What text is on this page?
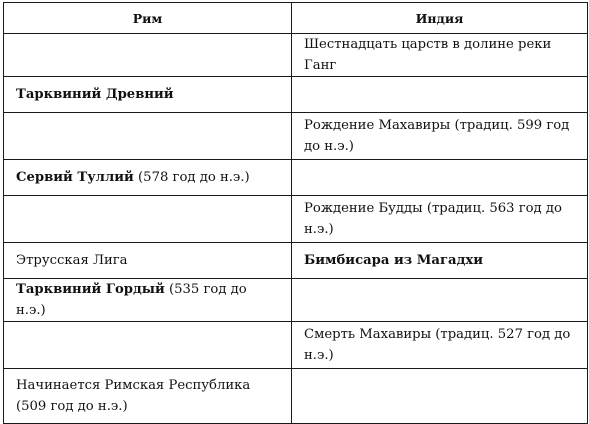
Рим	Индия
	Шестнадцать царств в долине реки Ганг
Тарквиний Древний	
	Рождение Махавиры (традиц. 599 год до н.э.)
Сервий Туллий (578 год до н.э.)	
	Рождение Будды (традиц. 563 год до н.э.)
Этрусская Лига	Бимбисара из Магадхи
Тарквиний Гордый (535 год до н.э.)	
	Смерть Махавиры (традиц. 527 год до н.э.)
Начинается Римская Республика (509 год до н.э.)	
